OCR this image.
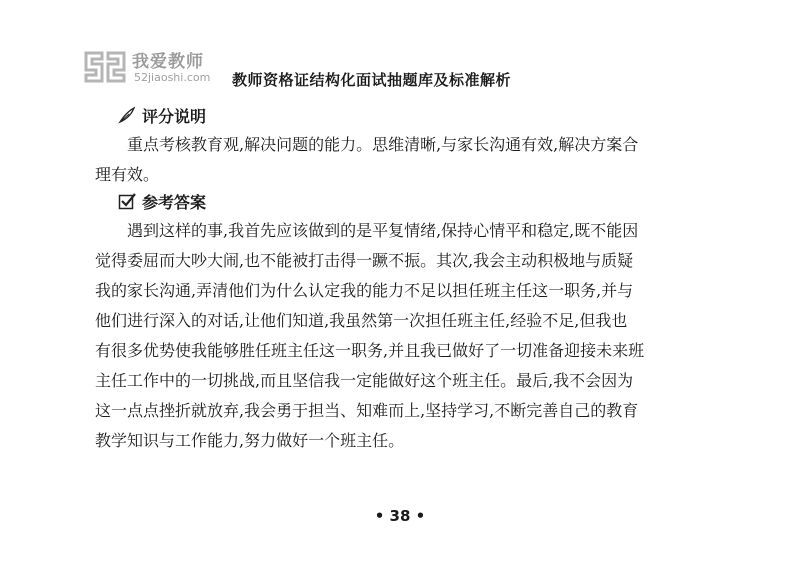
我爱教师
52jiaoshi.com 教师资格证结构化面试抽题库及标准解析
评分说明
重点考核教育观,解决问题的能力。思维清晰,与家长沟通有效,解决方案合
理有效。
参考答案
遇到这样的事,我首先应该做到的是平复情绪,保持心情平和稳定,既不能因
觉得委屈而大吵大闹,也不能被打击得一蹶不振。其次,我会主动积极地与质疑
我的家长沟通,弄清他们为什么认定我的能力不足以担任班主任这一职务,并与
他们进行深入的对话,让他们知道,我虽然第一次担任班主任,经验不足,但我也
有很多优势使我能够胜任班主任这一职务,并且我已做好了一切准备迎接未来班
主任工作中的一切挑战,而且坚信我一定能做好这个班主任。最后,我不会因为
这一点点挫折就放弃,我会勇于担当、知难而上,坚持学习,不断完善自己的教育
教学知识与工作能力,努力做好一个班主任。
• 38 •
